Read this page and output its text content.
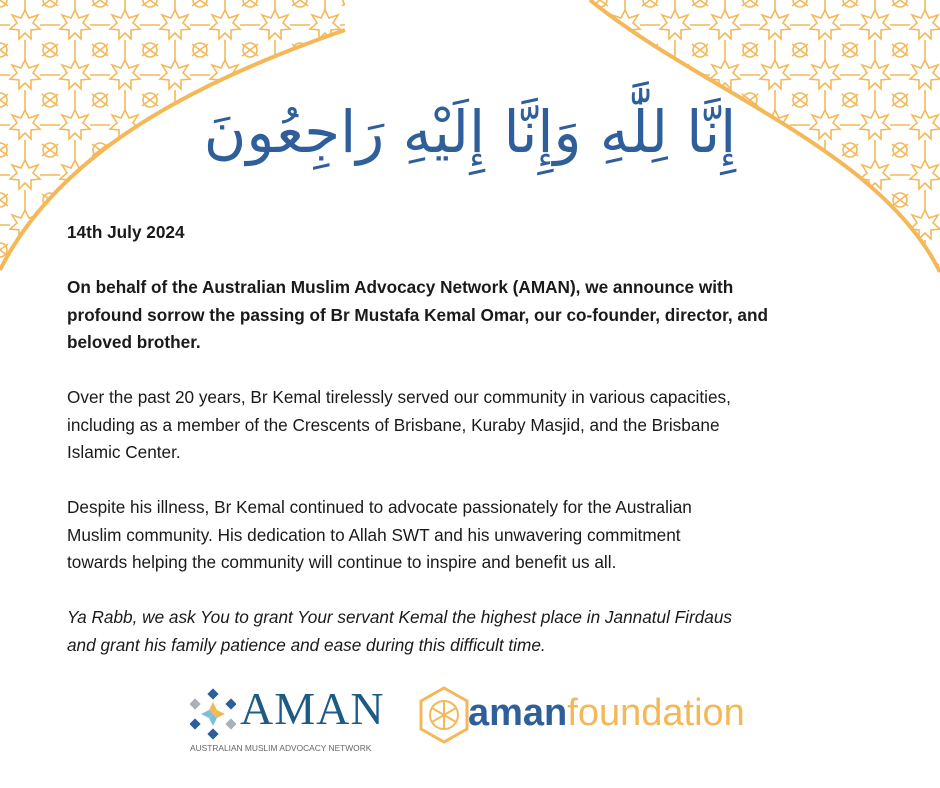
إِنَّا لِلَّٰهِ وَإِنَّا إِلَيْهِ رَاجِعُونَ
14th July 2024
On behalf of the Australian Muslim Advocacy Network (AMAN), we announce with
profound sorrow the passing of Br Mustafa Kemal Omar, our co-founder, director, and
beloved brother.
Over the past 20 years, Br Kemal tirelessly served our community in various capacities,
including as a member of the Crescents of Brisbane, Kuraby Masjid, and the Brisbane
Islamic Center.
Despite his illness, Br Kemal continued to advocate passionately for the Australian
Muslim community. His dedication to Allah SWT and his unwavering commitment
towards helping the community will continue to inspire and benefit us all.
Ya Rabb, we ask You to grant Your servant Kemal the highest place in Jannatul Firdaus
and grant his family patience and ease during this difficult time.
AMAN
AUSTRALIAN MUSLIM ADVOCACY NETWORK
amanfoundation
